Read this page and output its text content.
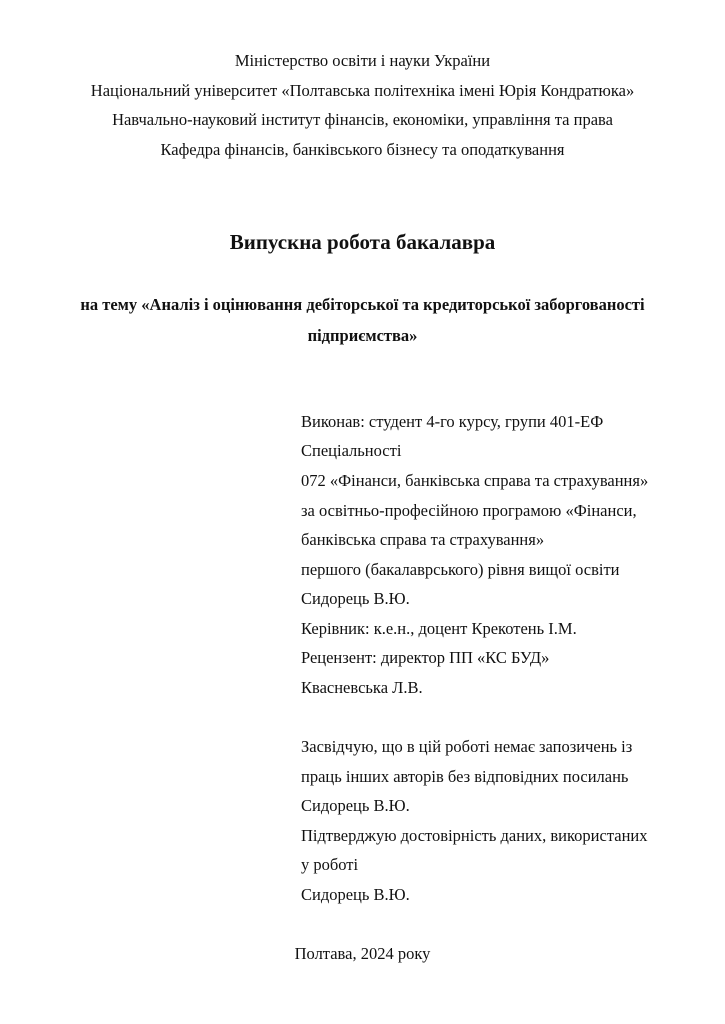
Міністерство освіти і науки України
Національний університет «Полтавська політехніка імені Юрія Кондратюка»
Навчально-науковий інститут фінансів, економіки, управління та права
Кафедра фінансів, банківського бізнесу та оподаткування
Випускна робота бакалавра
на тему «Аналіз і оцінювання дебіторської та кредиторської заборгованості
підприємства»
Виконав: студент 4-го курсу, групи 401-ЕФ
Спеціальності
072 «Фінанси, банківська справа та страхування»
за освітньо-професійною програмою «Фінанси,
банківська справа та страхування»
першого (бакалаврського) рівня вищої освіти
Сидорець В.Ю.
Керівник: к.е.н., доцент Крекотень І.М.
Рецензент: директор ПП «КС БУД»
Квасневська Л.В.
Засвідчую, що в цій роботі немає запозичень із
праць інших авторів без відповідних посилань
Сидорець В.Ю.
Підтверджую достовірність даних, використаних
у роботі
Сидорець В.Ю.
Полтава, 2024 року
